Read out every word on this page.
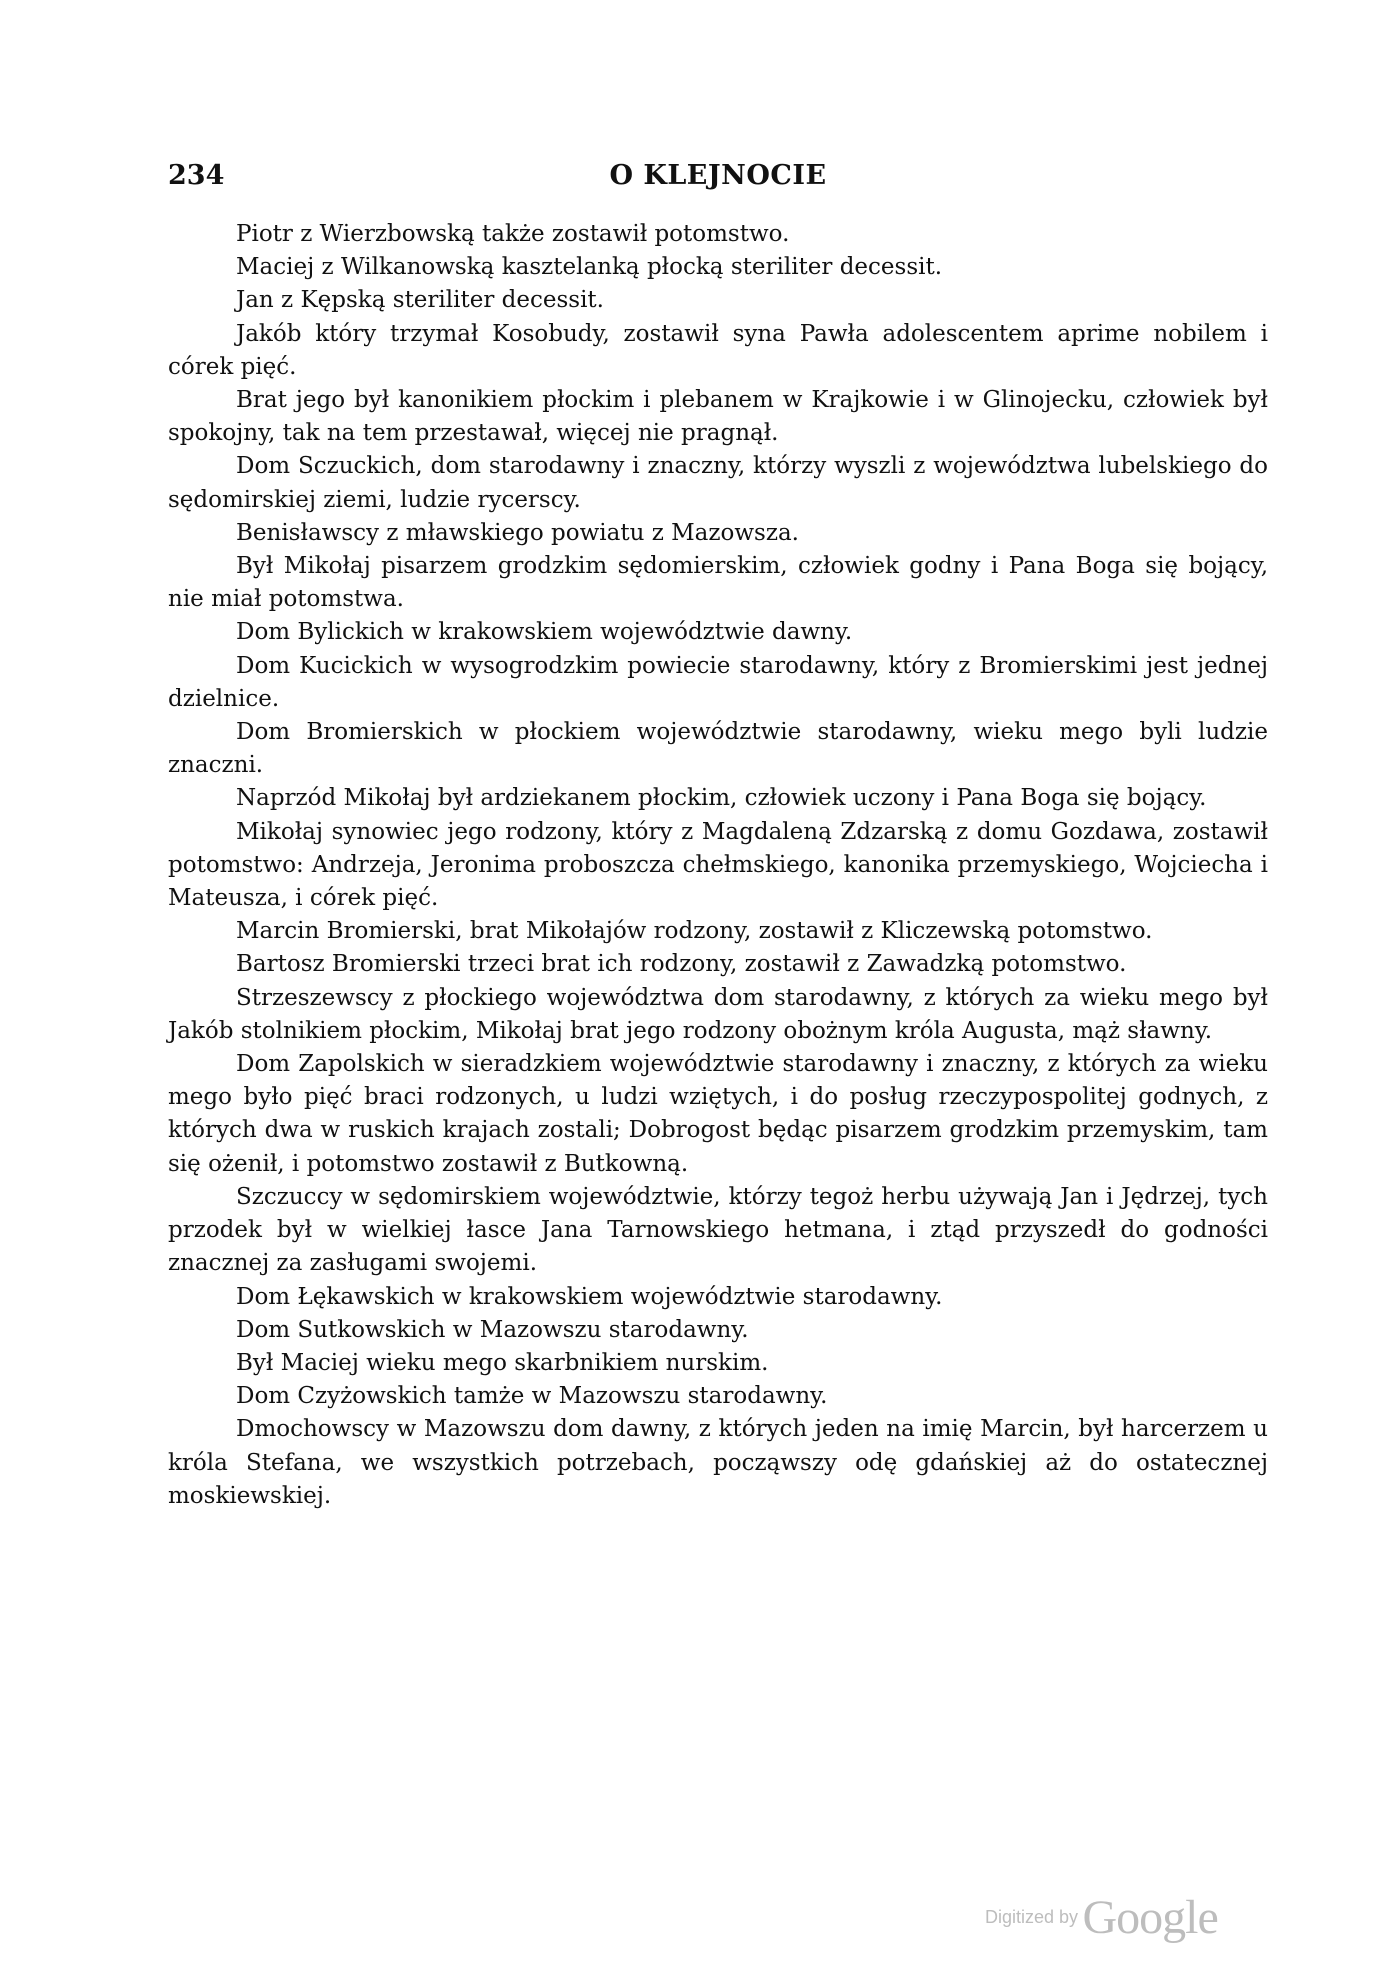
234	O KLEJNOCIE

Piotr z Wierzbowską także zostawił potomstwo.

Maciej z Wilkanowską kasztelanką płocką steriliter decessit.

Jan z Kępską steriliter decessit.

Jakób który trzymał Kosobudy, zostawił syna Pawła adolescentem aprime nobilem i córek pięć.

Brat jego był kanonikiem płockim i plebanem w Krajkowie i w Glinojecku, człowiek był spokojny, tak na tem przestawał, więcej nie pragnął.

Dom Sczuckich, dom starodawny i znaczny, którzy wyszli z województwa lubelskiego do sędomirskiej ziemi, ludzie rycerscy.

Benisławscy z mławskiego powiatu z Mazowsza.

Był Mikołaj pisarzem grodzkim sędomierskim, człowiek godny i Pana Boga się bojący, nie miał potomstwa.

Dom Bylickich w krakowskiem województwie dawny.

Dom Kucickich w wysogrodzkim powiecie starodawny, który z Bromierskimi jest jednej dzielnice.

Dom Bromierskich w płockiem województwie starodawny, wieku mego byli ludzie znaczni.

Naprzód Mikołaj był ardziekanem płockim, człowiek uczony i Pana Boga się bojący.

Mikołaj synowiec jego rodzony, który z Magdaleną Zdzarską z domu Gozdawa, zostawił potomstwo: Andrzeja, Jeronima proboszcza chełmskiego, kanonika przemyskiego, Wojciecha i Mateusza, i córek pięć.

Marcin Bromierski, brat Mikołajów rodzony, zostawił z Kliczewską potomstwo.

Bartosz Bromierski trzeci brat ich rodzony, zostawił z Zawadzką potomstwo.

Strzeszewscy z płockiego województwa dom starodawny, z których za wieku mego był Jakób stolnikiem płockim, Mikołaj brat jego rodzony obożnym króla Augusta, mąż sławny.

Dom Zapolskich w sieradzkiem województwie starodawny i znaczny, z których za wieku mego było pięć braci rodzonych, u ludzi wziętych, i do posług rzeczypospolitej godnych, z których dwa w ruskich krajach zostali; Dobrogost będąc pisarzem grodzkim przemyskim, tam się ożenił, i potomstwo zostawił z Butkowną.

Szczuccy w sędomirskiem województwie, którzy tegoż herbu używają Jan i Jędrzej, tych przodek był w wielkiej łasce Jana Tarnowskiego hetmana, i ztąd przyszedł do godności znacznej za zasługami swojemi.

Dom Łękawskich w krakowskiem województwie starodawny.

Dom Sutkowskich w Mazowszu starodawny.

Był Maciej wieku mego skarbnikiem nurskim.

Dom Czyżowskich tamże w Mazowszu starodawny.

Dmochowscy w Mazowszu dom dawny, z których jeden na imię Marcin, był harcerzem u króla Stefana, we wszystkich potrzebach, począwszy odę gdańskiej aż do ostatecznej moskiewskiej.

Digitized by Google
